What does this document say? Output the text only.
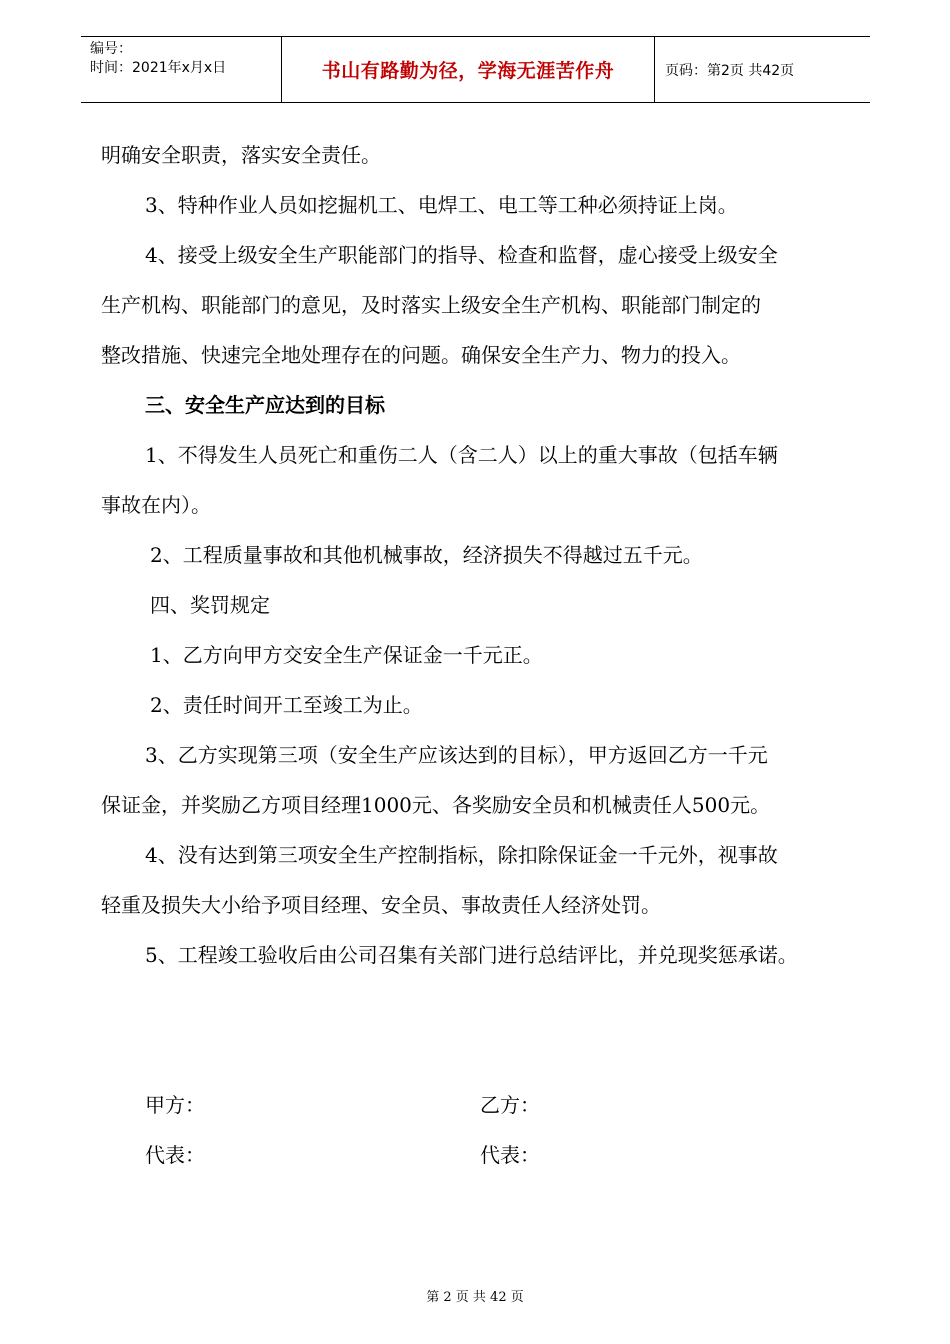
编号：
时间：2021年x月x日	书山有路勤为径，学海无涯苦作舟	页码：第2页 共42页
明确安全职责，落实安全责任。
3、特种作业人员如挖掘机工、电焊工、电工等工种必须持证上岗。
4、接受上级安全生产职能部门的指导、检查和监督，虚心接受上级安全
生产机构、职能部门的意见，及时落实上级安全生产机构、职能部门制定的
整改措施、快速完全地处理存在的问题。确保安全生产力、物力的投入。
三、安全生产应达到的目标
1、不得发生人员死亡和重伤二人（含二人）以上的重大事故（包括车辆
事故在内）。
2、工程质量事故和其他机械事故，经济损失不得越过五千元。
四、奖罚规定
1、乙方向甲方交安全生产保证金一千元正。
2、责任时间开工至竣工为止。
3、乙方实现第三项（安全生产应该达到的目标），甲方返回乙方一千元
保证金，并奖励乙方项目经理1000元、各奖励安全员和机械责任人500元。
4、没有达到第三项安全生产控制指标，除扣除保证金一千元外，视事故
轻重及损失大小给予项目经理、安全员、事故责任人经济处罚。
5、工程竣工验收后由公司召集有关部门进行总结评比，并兑现奖惩承诺。
甲方：	乙方：
代表：	代表：
第 2 页 共 42 页
